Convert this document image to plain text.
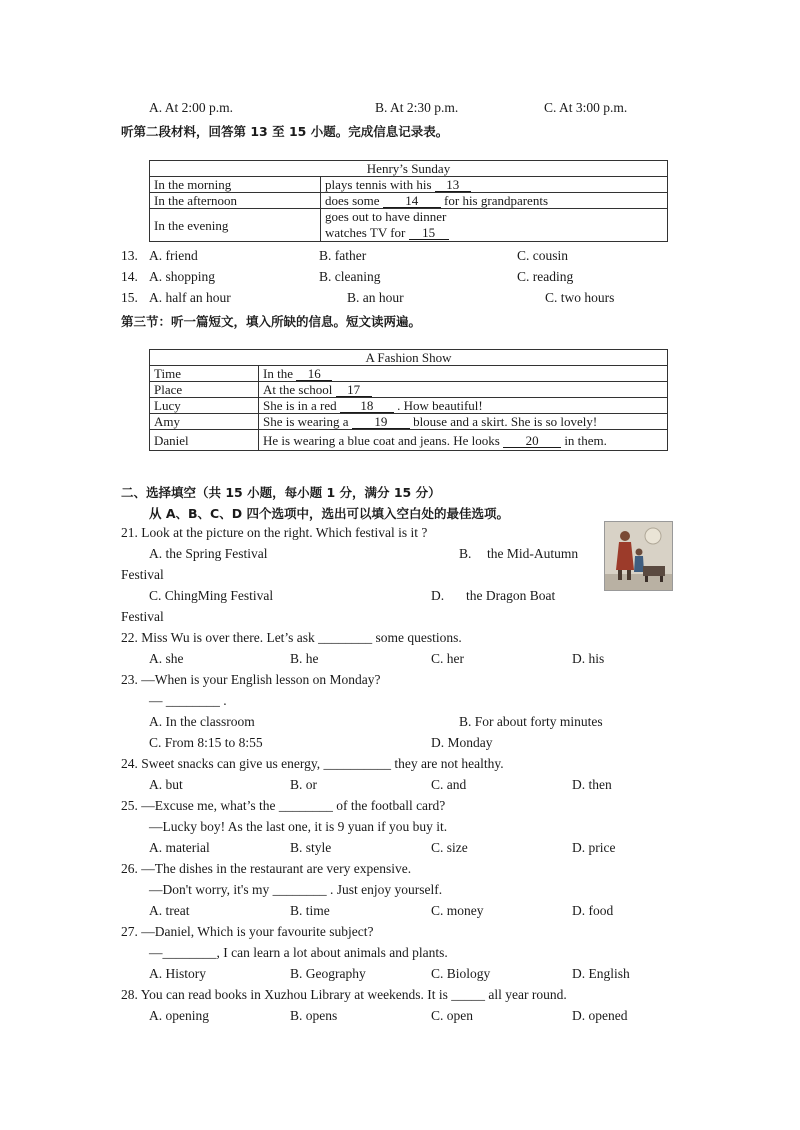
A. At 2:00 p.m.	B. At 2:30 p.m.	C. At 3:00 p.m.
听第二段材料，回答第 13 至 15 小题。完成信息记录表。
Henry’s Sunday	
In the morning	plays tennis with his 13
In the afternoon	does some 14 for his grandparents
In the evening	goes out to have dinner
watches TV for 15
13. A. friend	B. father	C. cousin
14. A. shopping	B. cleaning	C. reading
15. A. half an hour	B. an hour	C. two hours
第三节：听一篇短文，填入所缺的信息。短文读两遍。
A Fashion Show	
Time	In the 16
Place	At the school 17
Lucy	She is in a red 18 . How beautiful!
Amy	She is wearing a 19 blouse and a skirt. She is so lovely!
Daniel	He is wearing a blue coat and jeans. He looks 20 in them.
二、选择填空（共 15 小题，每小题 1 分，满分 15 分）
从 A、B、C、D 四个选项中，选出可以填入空白处的最佳选项。
21. Look at the picture on the right. Which festival is it ?
A. the Spring Festival	B. the Mid-Autumn
Festival
C. ChingMing Festival	D. the Dragon Boat
Festival
22. Miss Wu is over there. Let’s ask ________ some questions.
A. she	B. he	C. her	D. his
23. —When is your English lesson on Monday?
— ________ .
A. In the classroom	B. For about forty minutes
C. From 8:15 to 8:55	D. Monday
24. Sweet snacks can give us energy, __________ they are not healthy.
A. but	B. or	C. and	D. then
25. —Excuse me, what’s the ________ of the football card?
—Lucky boy! As the last one, it is 9 yuan if you buy it.
A. material	B. style	C. size	D. price
26. —The dishes in the restaurant are very expensive.
—Don't worry, it's my ________ . Just enjoy yourself.
A. treat	B. time	C. money	D. food
27. —Daniel, Which is your favourite subject?
—________, I can learn a lot about animals and plants.
A. History	B. Geography	C. Biology	D. English
28. You can read books in Xuzhou Library at weekends. It is _____ all year round.
A. opening	B. opens	C. open	D. opened
